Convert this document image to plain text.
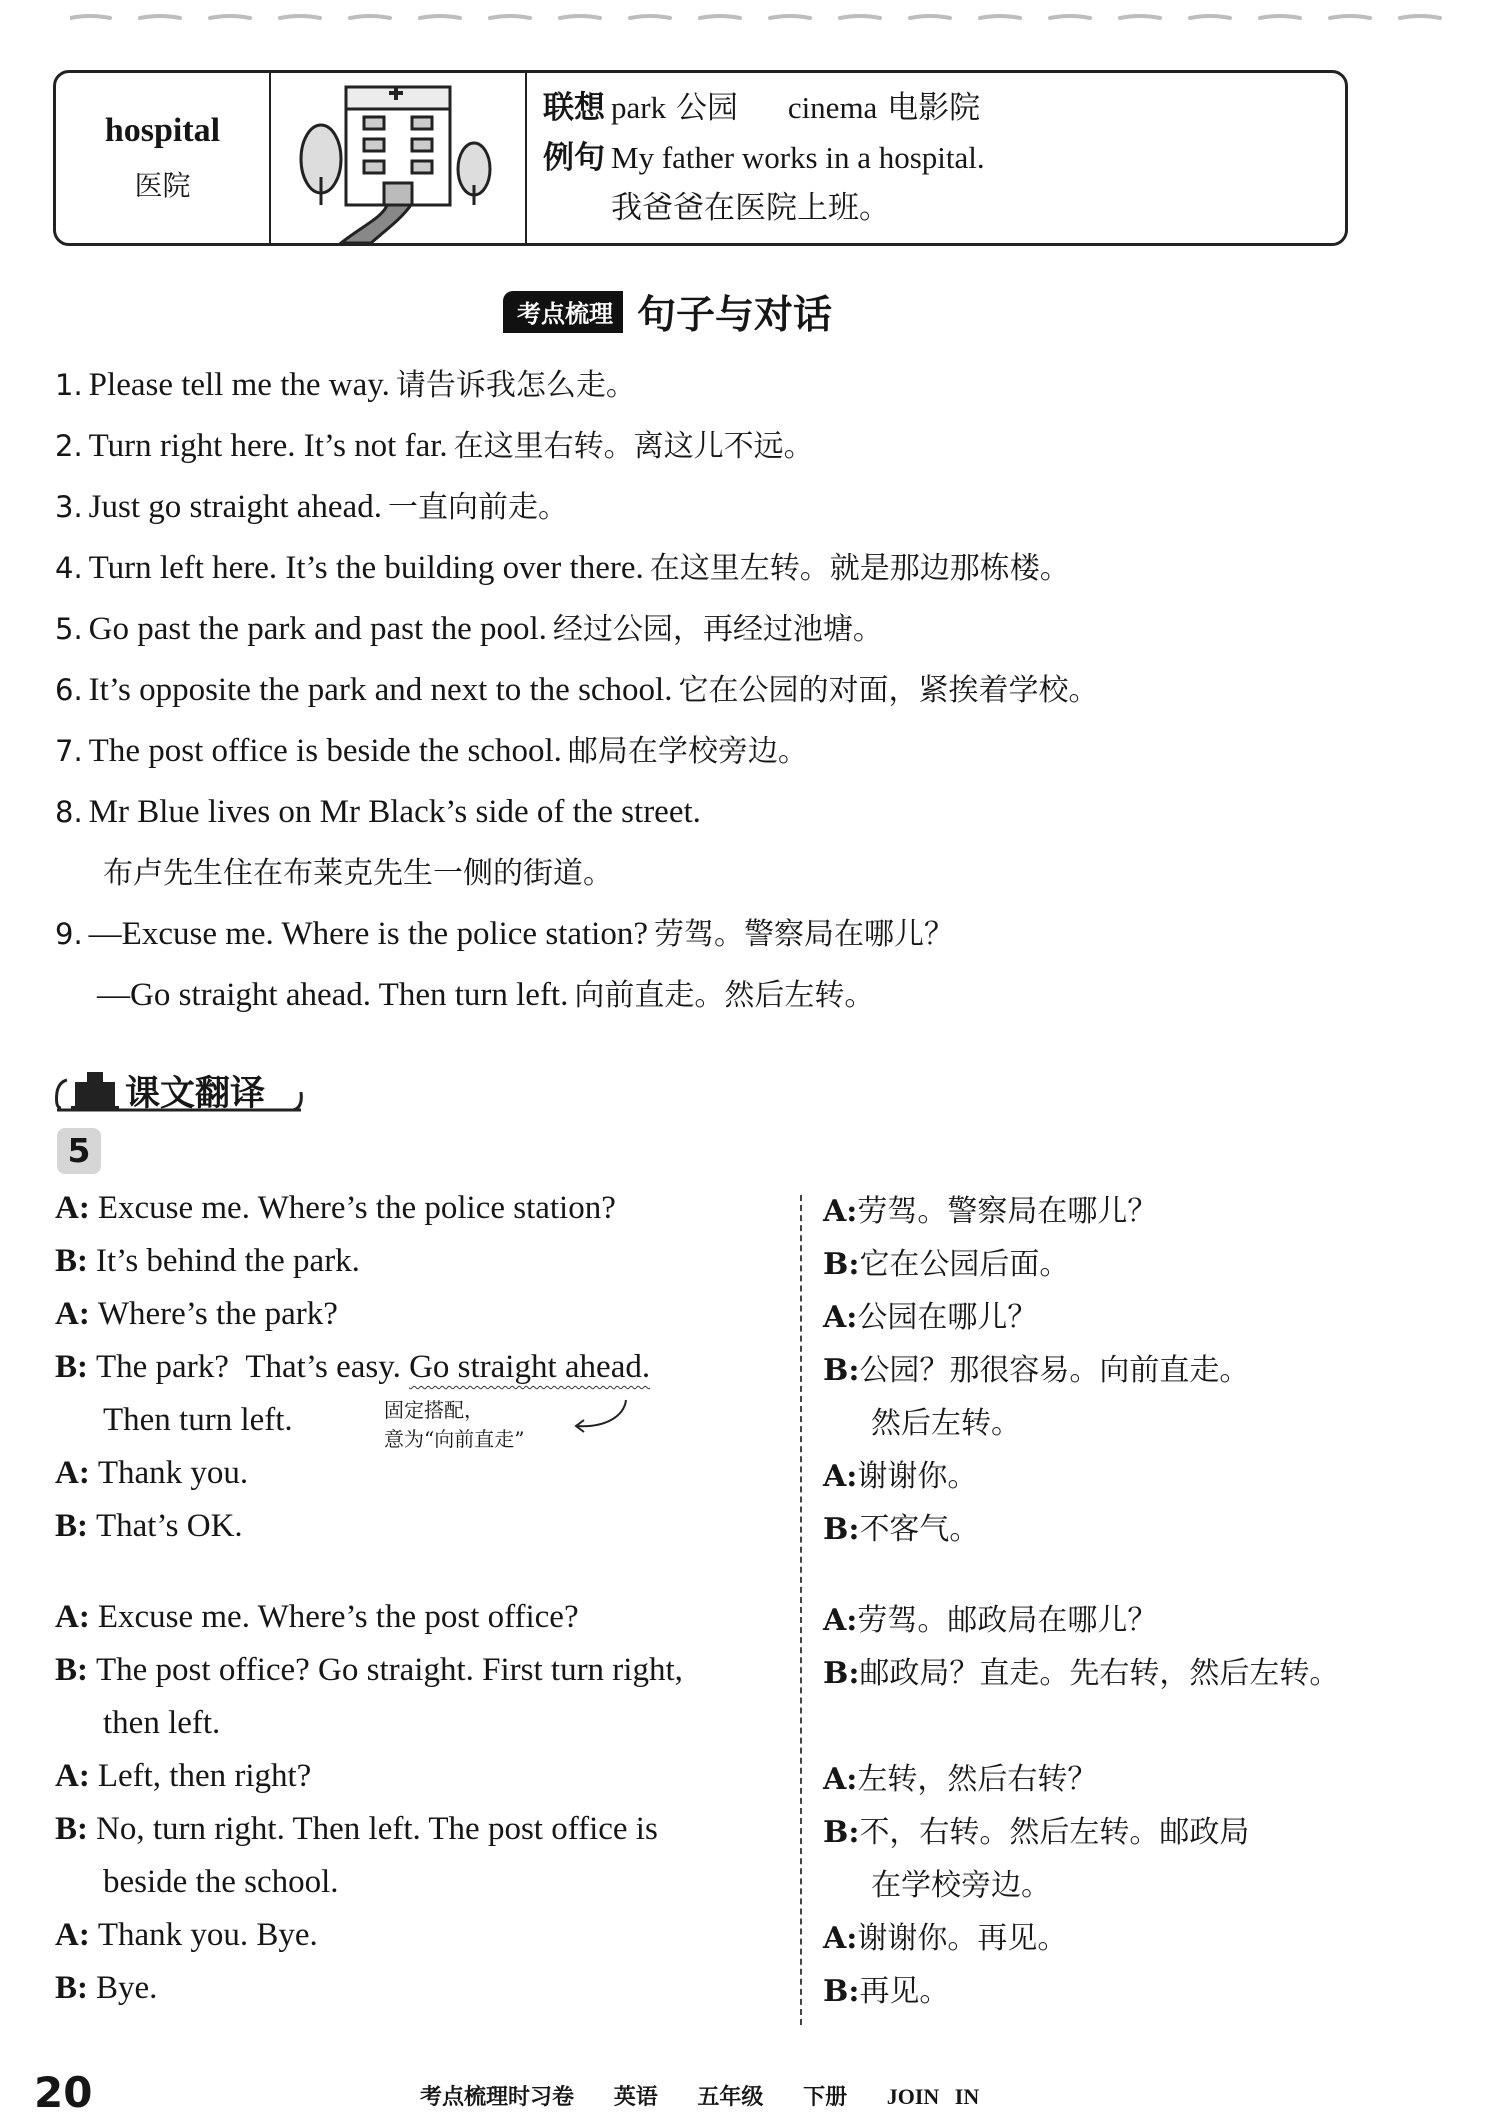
hospital
医院
联想 park 公园 cinema 电影院
例句 My father works in a hospital.
我爸爸在医院上班。
考点梳理 句子与对话
1. Please tell me the way. 请告诉我怎么走。
2. Turn right here. It’s not far. 在这里右转。离这儿不远。
3. Just go straight ahead. 一直向前走。
4. Turn left here. It’s the building over there. 在这里左转。就是那边那栋楼。
5. Go past the park and past the pool. 经过公园，再经过池塘。
6. It’s opposite the park and next to the school. 它在公园的对面，紧挨着学校。
7. The post office is beside the school. 邮局在学校旁边。
8. Mr Blue lives on Mr Black’s side of the street.
布卢先生住在布莱克先生一侧的街道。
9. —Excuse me. Where is the police station? 劳驾。警察局在哪儿？
—Go straight ahead. Then turn left. 向前直走。然后左转。
课文翻译
5
A: Excuse me. Where’s the police station?
B: It’s behind the park.
A: Where’s the park?
B: The park? That’s easy. Go straight ahead.
Then turn left.
A: Thank you.
B: That’s OK.
A: Excuse me. Where’s the post office?
B: The post office? Go straight. First turn right,
then left.
A: Left, then right?
B: No, turn right. Then left. The post office is
beside the school.
A: Thank you. Bye.
B: Bye.
固定搭配，
意为“向前直走”
A:劳驾。警察局在哪儿？
B:它在公园后面。
A:公园在哪儿？
B:公园？那很容易。向前直走。
然后左转。
A:谢谢你。
B:不客气。
A:劳驾。邮政局在哪儿？
B:邮政局？直走。先右转，然后左转。
A:左转，然后右转？
B:不，右转。然后左转。邮政局
在学校旁边。
A:谢谢你。再见。
B:再见。
20	考点梳理时习卷 英语 五年级 下册 JOIN IN
